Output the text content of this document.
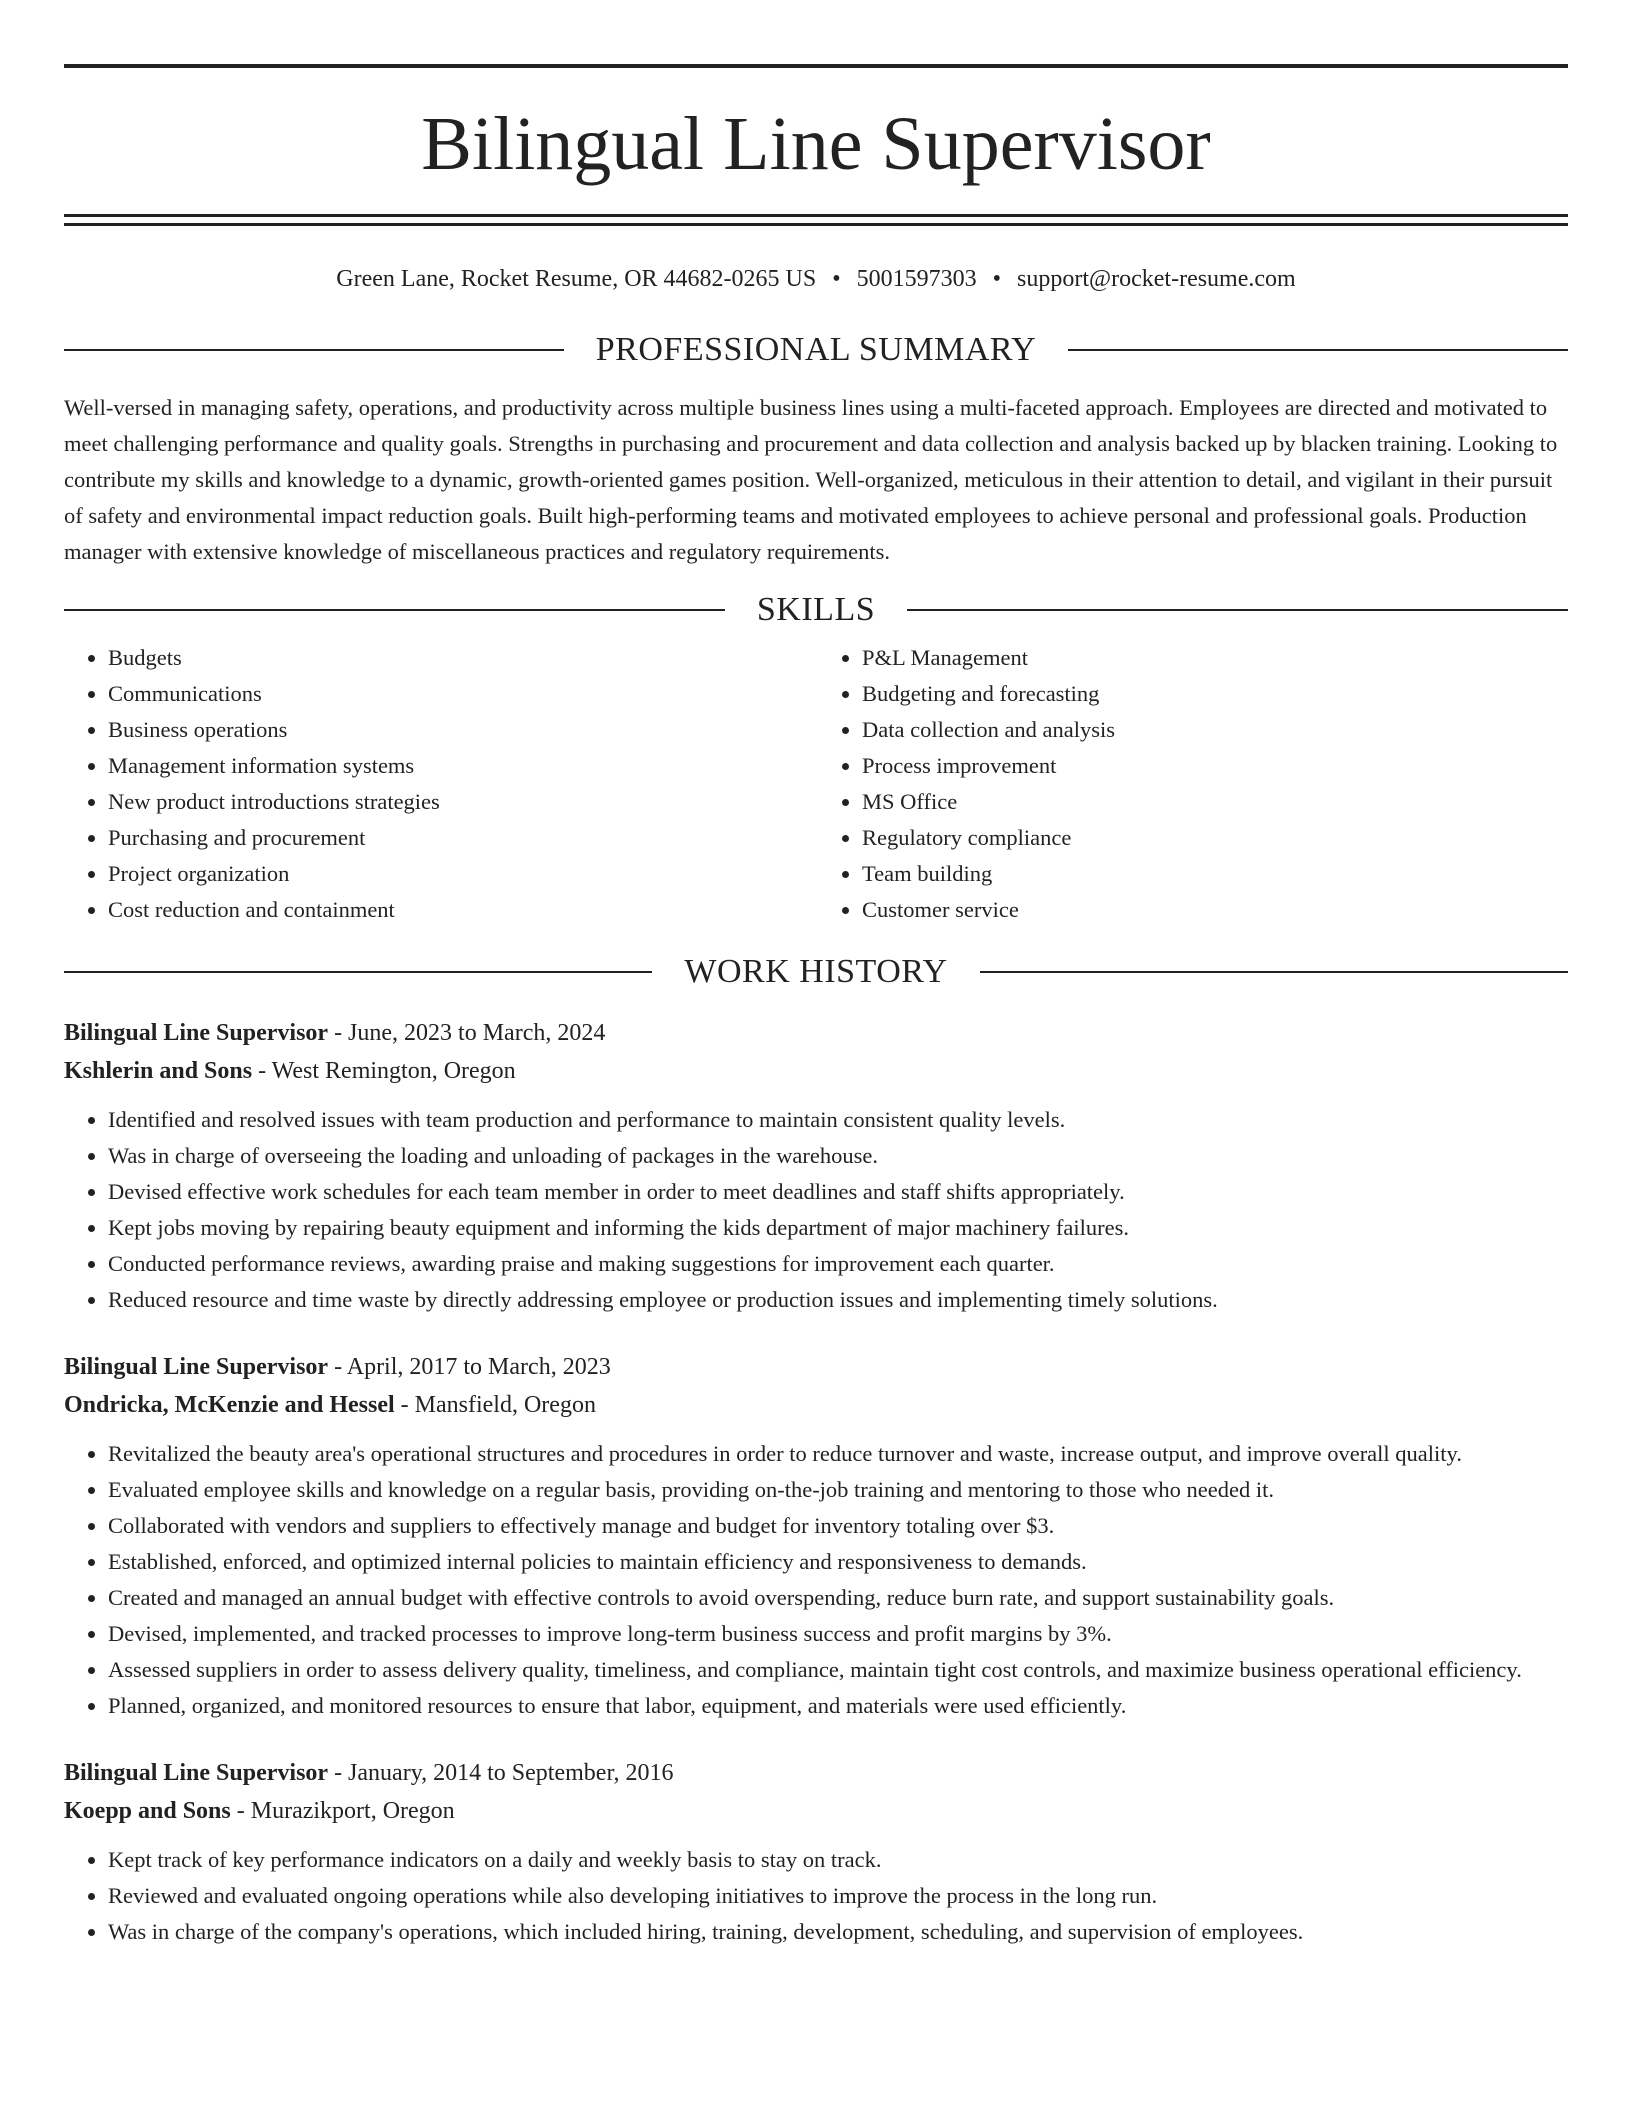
Bilingual Line Supervisor
Green Lane, Rocket Resume, OR 44682-0265 US • 5001597303 • support@rocket-resume.com
PROFESSIONAL SUMMARY
Well-versed in managing safety, operations, and productivity across multiple business lines using a multi-faceted approach. Employees are directed and motivated to meet challenging performance and quality goals. Strengths in purchasing and procurement and data collection and analysis backed up by blacken training. Looking to contribute my skills and knowledge to a dynamic, growth-oriented games position. Well-organized, meticulous in their attention to detail, and vigilant in their pursuit of safety and environmental impact reduction goals. Built high-performing teams and motivated employees to achieve personal and professional goals. Production manager with extensive knowledge of miscellaneous practices and regulatory requirements.
SKILLS
• Budgets
• Communications
• Business operations
• Management information systems
• New product introductions strategies
• Purchasing and procurement
• Project organization
• Cost reduction and containment
• P&L Management
• Budgeting and forecasting
• Data collection and analysis
• Process improvement
• MS Office
• Regulatory compliance
• Team building
• Customer service
WORK HISTORY
Bilingual Line Supervisor - June, 2023 to March, 2024
Kshlerin and Sons - West Remington, Oregon
• Identified and resolved issues with team production and performance to maintain consistent quality levels.
• Was in charge of overseeing the loading and unloading of packages in the warehouse.
• Devised effective work schedules for each team member in order to meet deadlines and staff shifts appropriately.
• Kept jobs moving by repairing beauty equipment and informing the kids department of major machinery failures.
• Conducted performance reviews, awarding praise and making suggestions for improvement each quarter.
• Reduced resource and time waste by directly addressing employee or production issues and implementing timely solutions.
Bilingual Line Supervisor - April, 2017 to March, 2023
Ondricka, McKenzie and Hessel - Mansfield, Oregon
• Revitalized the beauty area's operational structures and procedures in order to reduce turnover and waste, increase output, and improve overall quality.
• Evaluated employee skills and knowledge on a regular basis, providing on-the-job training and mentoring to those who needed it.
• Collaborated with vendors and suppliers to effectively manage and budget for inventory totaling over $3.
• Established, enforced, and optimized internal policies to maintain efficiency and responsiveness to demands.
• Created and managed an annual budget with effective controls to avoid overspending, reduce burn rate, and support sustainability goals.
• Devised, implemented, and tracked processes to improve long-term business success and profit margins by 3%.
• Assessed suppliers in order to assess delivery quality, timeliness, and compliance, maintain tight cost controls, and maximize business operational efficiency.
• Planned, organized, and monitored resources to ensure that labor, equipment, and materials were used efficiently.
Bilingual Line Supervisor - January, 2014 to September, 2016
Koepp and Sons - Murazikport, Oregon
• Kept track of key performance indicators on a daily and weekly basis to stay on track.
• Reviewed and evaluated ongoing operations while also developing initiatives to improve the process in the long run.
• Was in charge of the company's operations, which included hiring, training, development, scheduling, and supervision of employees.
